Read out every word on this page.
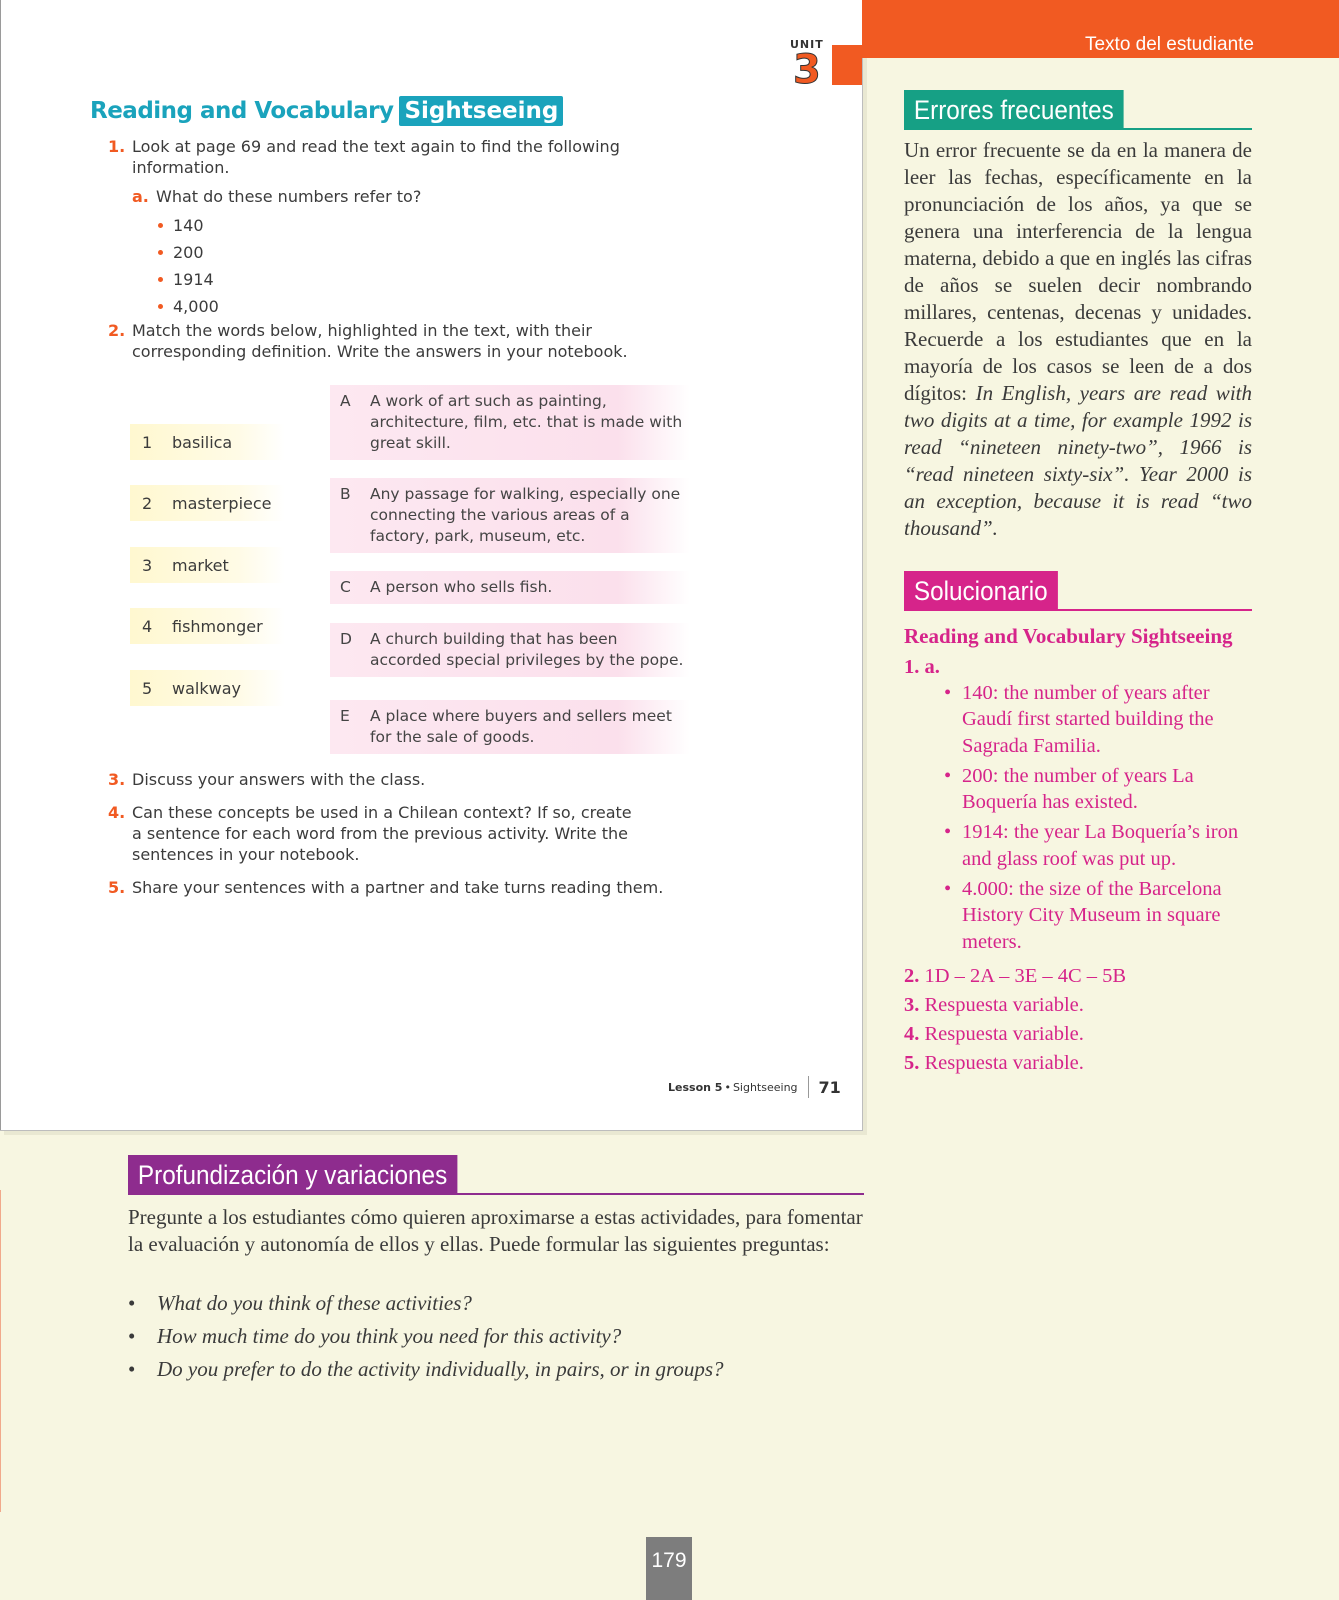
UNIT
3
Reading and Vocabulary Sightseeing
1. Look at page 69 and read the text again to find the following information.
a. What do these numbers refer to?
140
200
1914
4,000
2. Match the words below, highlighted in the text, with their corresponding definition. Write the answers in your notebook.
1	basilica
2	masterpiece
3	market
4	fishmonger
5	walkway
A A work of art such as painting, architecture, film, etc. that is made with great skill.
B Any passage for walking, especially one connecting the various areas of a factory, park, museum, etc.
C A person who sells fish.
D A church building that has been accorded special privileges by the pope.
E A place where buyers and sellers meet for the sale of goods.
3. Discuss your answers with the class.
4. Can these concepts be used in a Chilean context? If so, create a sentence for each word from the previous activity. Write the sentences in your notebook.
5. Share your sentences with a partner and take turns reading them.
Lesson 5 • Sightseeing 71
Texto del estudiante
Errores frecuentes
Un error frecuente se da en la manera de leer las fechas, específicamente en la pronunciación de los años, ya que se genera una interferencia de la lengua materna, debido a que en inglés las cifras de años se suelen decir nombrando millares, centenas, decenas y unidades. Recuerde a los estudiantes que en la mayoría de los casos se leen de a dos dígitos: In English, years are read with two digits at a time, for example 1992 is read “nineteen ninety-two”, 1966 is “read nineteen sixty-six”. Year 2000 is an exception, because it is read “two thousand”.
Solucionario
Reading and Vocabulary Sightseeing
1. a.
• 140: the number of years after Gaudí first started building the Sagrada Familia.
• 200: the number of years La Boquería has existed.
• 1914: the year La Boquería’s iron and glass roof was put up.
• 4.000: the size of the Barcelona History City Museum in square meters.
2. 1D – 2A – 3E – 4C – 5B
3. Respuesta variable.
4. Respuesta variable.
5. Respuesta variable.
Profundización y variaciones
Pregunte a los estudiantes cómo quieren aproximarse a estas actividades, para fomentar la evaluación y autonomía de ellos y ellas. Puede formular las siguientes preguntas:
• What do you think of these activities?
• How much time do you think you need for this activity?
• Do you prefer to do the activity individually, in pairs, or in groups?
179
